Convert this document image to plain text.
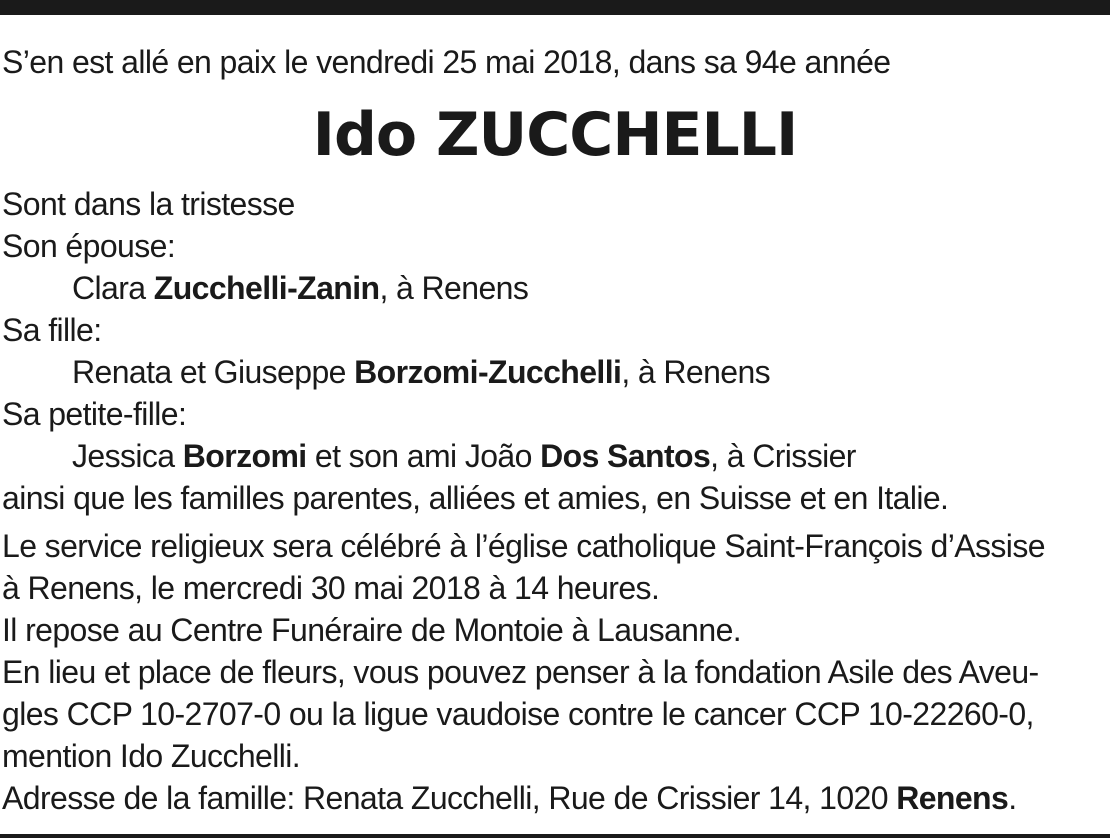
S’en est allé en paix le vendredi 25 mai 2018, dans sa 94e année
Ido ZUCCHELLI
Sont dans la tristesse
Son épouse:
Clara Zucchelli-Zanin, à Renens
Sa fille:
Renata et Giuseppe Borzomi-Zucchelli, à Renens
Sa petite-fille:
Jessica Borzomi et son ami João Dos Santos, à Crissier
ainsi que les familles parentes, alliées et amies, en Suisse et en Italie.
Le service religieux sera célébré à l’église catholique Saint-François d’Assise
à Renens, le mercredi 30 mai 2018 à 14 heures.
Il repose au Centre Funéraire de Montoie à Lausanne.
En lieu et place de fleurs, vous pouvez penser à la fondation Asile des Aveu-
gles CCP 10-2707-0 ou la ligue vaudoise contre le cancer CCP 10-22260-0,
mention Ido Zucchelli.
Adresse de la famille: Renata Zucchelli, Rue de Crissier 14, 1020 Renens.
